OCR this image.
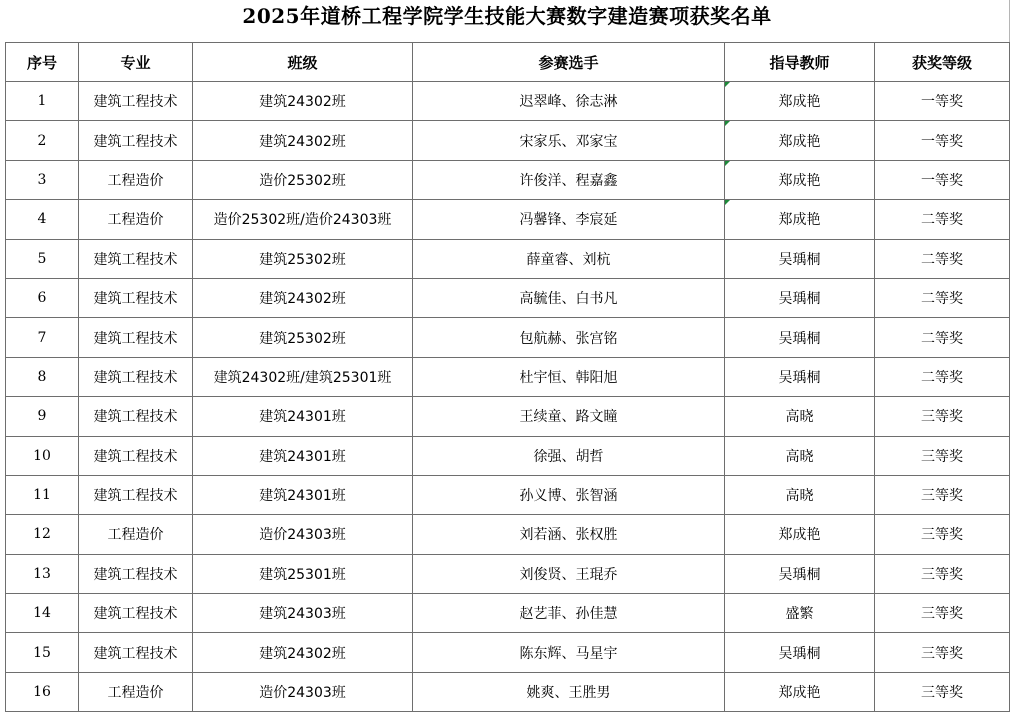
2025年道桥工程学院学生技能大赛数字建造赛项获奖名单
序号	专业	班级	参赛选手	指导教师	获奖等级
1	建筑工程技术	建筑24302班	迟翠峰、徐志淋	郑成艳	一等奖
2	建筑工程技术	建筑24302班	宋家乐、邓家宝	郑成艳	一等奖
3	工程造价	造价25302班	许俊洋、程嘉鑫	郑成艳	一等奖
4	工程造价	造价25302班/造价24303班	冯馨锋、李宸延	郑成艳	二等奖
5	建筑工程技术	建筑25302班	薛童睿、刘杭	吴瑀桐	二等奖
6	建筑工程技术	建筑24302班	高毓佳、白书凡	吴瑀桐	二等奖
7	建筑工程技术	建筑25302班	包航赫、张宫铭	吴瑀桐	二等奖
8	建筑工程技术	建筑24302班/建筑25301班	杜宇恒、韩阳旭	吴瑀桐	二等奖
9	建筑工程技术	建筑24301班	王续童、路文瞳	高晓	三等奖
10	建筑工程技术	建筑24301班	徐强、胡哲	高晓	三等奖
11	建筑工程技术	建筑24301班	孙义博、张智涵	高晓	三等奖
12	工程造价	造价24303班	刘若涵、张权胜	郑成艳	三等奖
13	建筑工程技术	建筑25301班	刘俊贤、王琨乔	吴瑀桐	三等奖
14	建筑工程技术	建筑24303班	赵艺菲、孙佳慧	盛繁	三等奖
15	建筑工程技术	建筑24302班	陈东辉、马星宇	吴瑀桐	三等奖
16	工程造价	造价24303班	姚爽、王胜男	郑成艳	三等奖
